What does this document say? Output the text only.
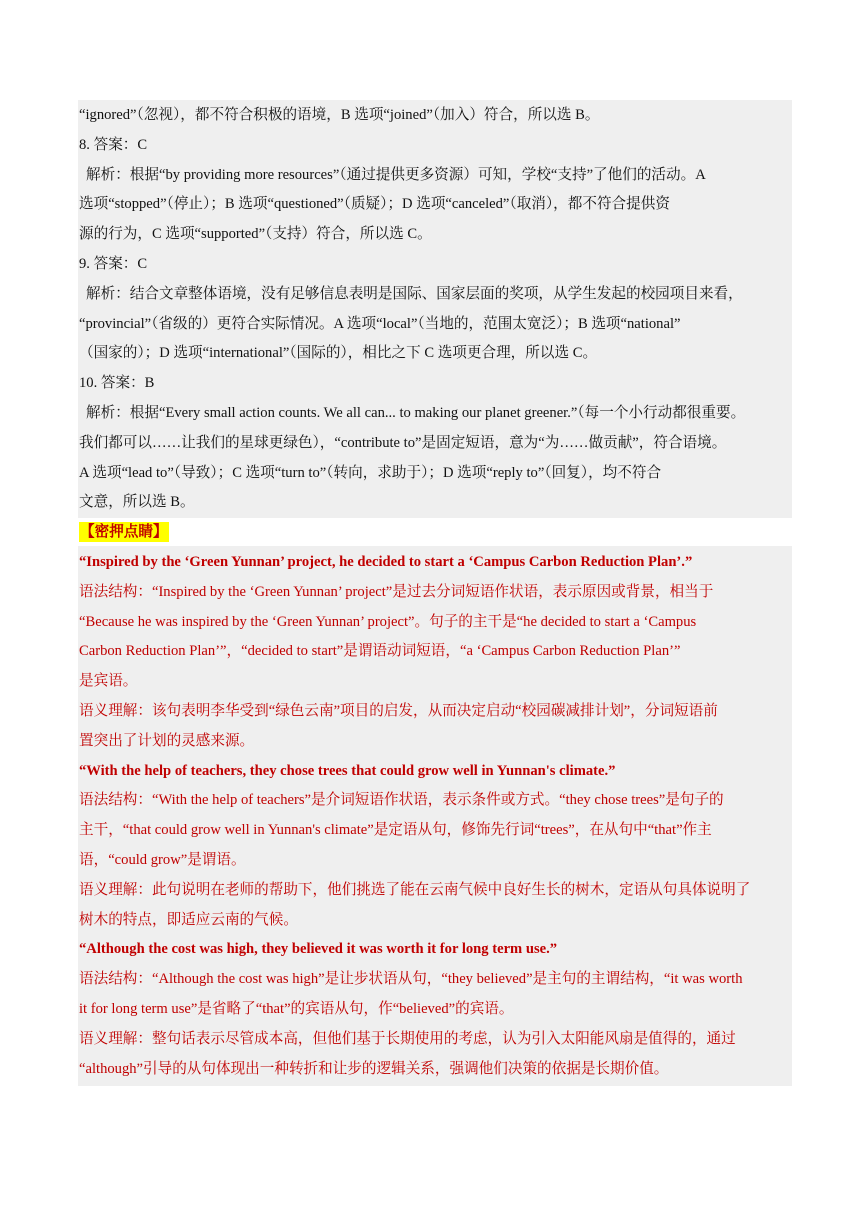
“ignored”（忽视），都不符合积极的语境，B 选项“joined”（加入）符合，所以选 B。
8. 答案：C
解析：根据“by providing more resources”（通过提供更多资源）可知，学校“支持”了他们的活动。A
选项“stopped”（停止）；B 选项“questioned”（质疑）；D 选项“canceled”（取消），都不符合提供资
源的行为，C 选项“supported”（支持）符合，所以选 C。
9. 答案：C
解析：结合文章整体语境，没有足够信息表明是国际、国家层面的奖项，从学生发起的校园项目来看，
“provincial”（省级的）更符合实际情况。A 选项“local”（当地的，范围太宽泛）；B 选项“national”
（国家的）；D 选项“international”（国际的），相比之下 C 选项更合理，所以选 C。
10. 答案：B
解析：根据“Every small action counts. We all can... to making our planet greener.”（每一个小行动都很重要。
我们都可以……让我们的星球更绿色），“contribute to”是固定短语，意为“为……做贡献”，符合语境。
A 选项“lead to”（导致）；C 选项“turn to”（转向，求助于）；D 选项“reply to”（回复），均不符合
文意，所以选 B。
【密押点睛】
“Inspired by the ‘Green Yunnan’ project, he decided to start a ‘Campus Carbon Reduction Plan’.”
语法结构：“Inspired by the ‘Green Yunnan’ project”是过去分词短语作状语，表示原因或背景，相当于
“Because he was inspired by the ‘Green Yunnan’ project”。句子的主干是“he decided to start a ‘Campus
Carbon Reduction Plan’”，“decided to start”是谓语动词短语，“a ‘Campus Carbon Reduction Plan’”
是宾语。
语义理解：该句表明李华受到“绿色云南”项目的启发，从而决定启动“校园碳减排计划”，分词短语前
置突出了计划的灵感来源。
“With the help of teachers, they chose trees that could grow well in Yunnan's climate.”
语法结构：“With the help of teachers”是介词短语作状语，表示条件或方式。“they chose trees”是句子的
主干，“that could grow well in Yunnan's climate”是定语从句，修饰先行词“trees”，在从句中“that”作主
语，“could grow”是谓语。
语义理解：此句说明在老师的帮助下，他们挑选了能在云南气候中良好生长的树木，定语从句具体说明了
树木的特点，即适应云南的气候。
“Although the cost was high, they believed it was worth it for long term use.”
语法结构：“Although the cost was high”是让步状语从句，“they believed”是主句的主谓结构，“it was worth
it for long term use”是省略了“that”的宾语从句，作“believed”的宾语。
语义理解：整句话表示尽管成本高，但他们基于长期使用的考虑，认为引入太阳能风扇是值得的，通过
“although”引导的从句体现出一种转折和让步的逻辑关系，强调他们决策的依据是长期价值。
